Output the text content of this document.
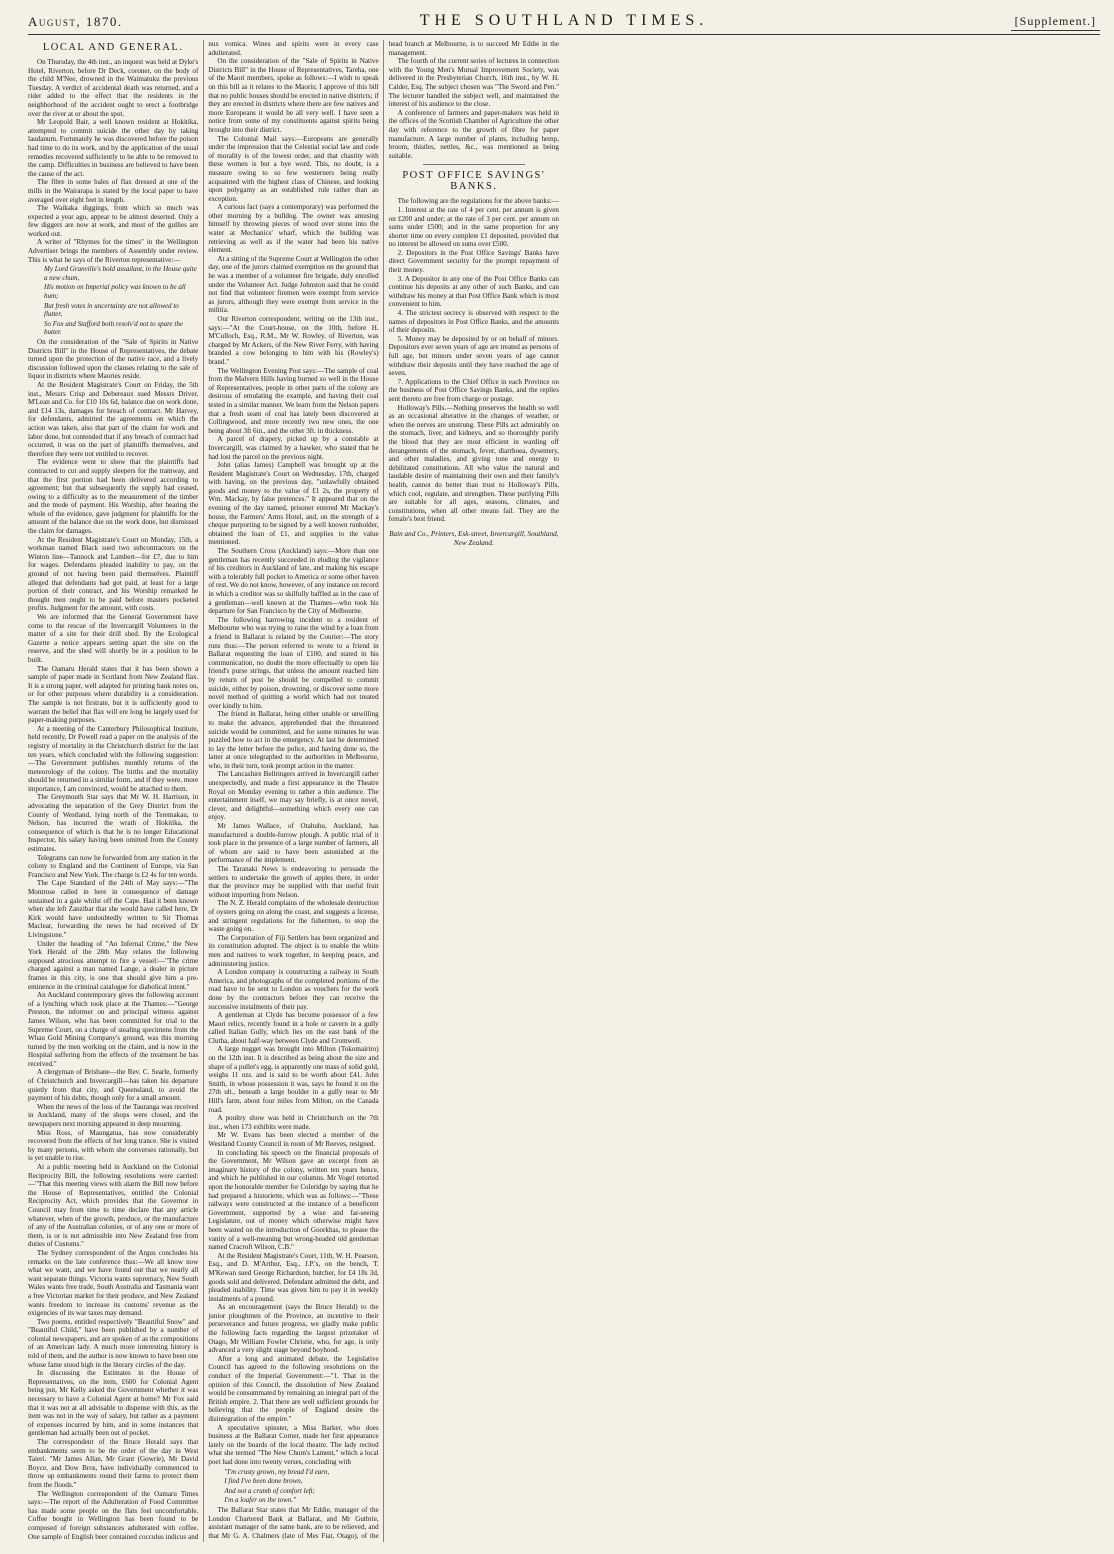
August, 1870.	THE SOUTHLAND TIMES.	[Supplement.]
LOCAL AND GENERAL.

On Thursday, the 4th inst., an inquest was held at Dyke's Hotel, Riverton, before Dr Deck, coroner, on the body of the child M'Nee, drowned in the Waimatuku the previous Tuesday. A verdict of accidental death was returned, and a rider added to the effect that the residents in the neighborhood of the accident ought to erect a footbridge over the river at or about the spot.

Mr Leopold Bair, a well known resident at Hokitika, attempted to commit suicide the other day by taking laudanum. Fortunately he was discovered before the poison had time to do its work, and by the application of the usual remedies recovered sufficiently to be able to be removed to the camp. Difficulties in business are believed to have been the cause of the act.

The fibre in some bales of flax dressed at one of the mills in the Wairarapa is stated by the local paper to have averaged over eight feet in length.

The Waikaka diggings, from which so much was expected a year ago, appear to be almost deserted. Only a few diggers are now at work, and most of the gullies are worked out.

A writer of "Rhymes for the times" in the Wellington Advertiser brings the members of Assembly under review. This is what he says of the Riverton representative:—

My Lord Granville's bold assailant, in the House quite a new chum,
His motion on Imperial policy was known to be all hum;
But fresh votes in uncertainty are not allowed to flutter,
So Fox and Stafford both resolv'd not to spare the butter.

On the consideration of the "Sale of Spirits in Native Districts Bill" in the House of Representatives, the debate turned upon the protection of the native race, and a lively discussion followed upon the clauses relating to the sale of liquor in districts where Maories reside.

At the Resident Magistrate's Court on Friday, the 5th inst., Messrs Crisp and Debereaux sued Messrs Driver, M'Lean and Co. for £10 10s 6d, balance due on work done, and £14 13s, damages for breach of contract. Mr Harvey, for defendants, admitted the agreements on which the action was taken, also that part of the claim for work and labor done, but contended that if any breach of contract had occurred, it was on the part of plaintiffs themselves, and therefore they were not entitled to recover.

The evidence went to show that the plaintiffs had contracted to cut and supply sleepers for the tramway, and that the first portion had been delivered according to agreement; but that subsequently the supply had ceased, owing to a difficulty as to the measurement of the timber and the mode of payment. His Worship, after hearing the whole of the evidence, gave judgment for plaintiffs for the amount of the balance due on the work done, but dismissed the claim for damages.

At the Resident Magistrate's Court on Monday, 15th, a workman named Black sued two subcontractors on the Winton line—Tannock and Lambert—for £7, due to him for wages. Defendants pleaded inability to pay, on the ground of not having been paid themselves. Plaintiff alleged that defendants had got paid, at least for a large portion of their contract, and his Worship remarked he thought men ought to be paid before masters pocketed profits. Judgment for the amount, with costs.

We are informed that the General Government have come to the rescue of the Invercargill Volunteers in the matter of a site for their drill shed. By the Ecological Gazette a notice appears setting apart the site on the reserve, and the shed will shortly be in a position to be built.

The Oamaru Herald states that it has been shown a sample of paper made in Scotland from New Zealand flax. It is a strong paper, well adapted for printing bank notes on, or for other purposes where durability is a consideration. The sample is not firstrate, but it is sufficiently good to warrant the belief that flax will ere long be largely used for paper-making purposes.

At a meeting of the Canterbury Philosophical Institute, held recently, Dr Powell read a paper on the analysis of the registry of mortality in the Christchurch district for the last ten years, which concluded with the following suggestion:—The Government publishes monthly returns of the meteorology of the colony. The births and the mortality should be returned in a similar form, and if they were, more importance, I am convinced, would be attached to them.

The Greymouth Star says that Mr W. H. Harrison, in advocating the separation of the Grey District from the County of Westland, lying north of the Teremakau, to Nelson, has incurred the wrath of Hokitika, the consequence of which is that he is no longer Educational Inspector, his salary having been omitted from the County estimates.

Telegrams can now be forwarded from any station in the colony to England and the Continent of Europe, via San Francisco and New York. The charge is £2 4s for ten words.

The Cape Standard of the 24th of May says:—"The Montrose called in here in consequence of damage sustained in a gale whilst off the Cape. Had it been known when she left Zanzibar that she would have called here, Dr Kirk would have undoubtedly written to Sir Thomas Maclear, forwarding the news he had received of Dr Livingstone."

Under the heading of "An Infernal Crime," the New York Herald of the 28th May relates the following supposed atrocious attempt to fire a vessel:—"The crime charged against a man named Lange, a dealer in picture frames in this city, is one that should give him a pre-eminence in the criminal catalogue for diabolical intent."

An Auckland contemporary gives the following account of a lynching which took place at the Thames:—"George Preston, the informer on and principal witness against James Wilson, who has been committed for trial to the Supreme Court, on a charge of stealing specimens from the Whau Gold Mining Company's ground, was this morning turned by the men working on the claim, and is now in the Hospital suffering from the effects of the treatment he has received."

A clergyman of Brisbane—the Rev. C. Searle, formerly of Christchurch and Invercargill—has taken his departure quietly from that city, and Queensland, to avoid the payment of his debts, though only for a small amount.

When the news of the loss of the Tauranga was received in Auckland, many of the shops were closed, and the newspapers next morning appeared in deep mourning.

Miss Ross, of Maungatua, has now considerably recovered from the effects of her long trance. She is visited by many persons, with whom she converses rationally, but is yet unable to rise.

At a public meeting held in Auckland on the Colonial Reciprocity Bill, the following resolutions were carried:—"That this meeting views with alarm the Bill now before the House of Representatives, entitled the Colonial Reciprocity Act, which provides that the Governor in Council may from time to time declare that any article whatever, when of the growth, produce, or the manufacture of any of the Australian colonies, or of any one or more of them, is or is not admissible into New Zealand free from duties of Customs."

The Sydney correspondent of the Argus concludes his remarks on the late conference thus:—We all know now what we want, and we have found out that we nearly all want separate things. Victoria wants supremacy, New South Wales wants free trade, South Australia and Tasmania want a free Victorian market for their produce, and New Zealand wants freedom to increase its customs' revenue as the exigencies of its war taxes may demand.

Two poems, entitled respectively "Beautiful Snow" and "Beautiful Child," have been published by a number of colonial newspapers, and are spoken of as the compositions of an American lady. A much more interesting history is told of them, and the author is now known to have been one whose fame stood high in the literary circles of the day.

In discussing the Estimates in the House of Representatives, on the item, £600 for Colonial Agent being put, Mr Kelly asked the Government whether it was necessary to have a Colonial Agent at home? Mr Fox said that it was not at all advisable to dispense with this, as the item was not in the way of salary, but rather as a payment of expenses incurred by him, and in some instances that gentleman had actually been out of pocket.

The correspondent of the Bruce Herald says that embankments seem to be the order of the day in West Taieri. "Mr James Allan, Mr Grant (Gowrie), Mr David Boyce, and Dow Bros, have individually commenced to throw up embankments round their farms to protect them from the floods."

The Wellington correspondent of the Oamaru Times says:—The report of the Adulteration of Food Committee has made some people on the flats feel uncomfortable. Coffee bought in Wellington has been found to be composed of foreign substances adulterated with coffee. One sample of English beer contained cocculus indicus and nux vomica. Wines and spirits were in every case adulterated.

On the consideration of the "Sale of Spirits in Native Districts Bill" in the House of Representatives, Tareha, one of the Maori members, spoke as follows:—I wish to speak on this bill as it relates to the Maoris; I approve of this bill that no public houses should be erected in native districts; if they are erected in districts where there are few natives and more Europeans it would be all very well. I have seen a notice from some of my constituents against spirits being brought into their district.

The Colonial Mail says:—Europeans are generally under the impression that the Celestial social law and code of morality is of the lowest order, and that chastity with these women is but a bye word. This, no doubt, is a measure owing to so few westerners being really acquainted with the highest class of Chinese, and looking upon polygamy as an established rule rather than an exception.

A curious fact (says a contemporary) was performed the other morning by a bulldog. The owner was amusing himself by throwing pieces of wood over stone into the water at Mechanics' wharf, which the bulldog was retrieving as well as if the water had been his native element.

At a sitting of the Supreme Court at Wellington the other day, one of the jurors claimed exemption on the ground that he was a member of a volunteer fire brigade, duly enrolled under the Volunteer Act. Judge Johnston said that he could not find that volunteer firemen were exempt from service as jurors, although they were exempt from service in the militia.

Our Riverton correspondent, writing on the 13th inst., says:—"At the Court-house, on the 10th, before H. M'Culloch, Esq., R.M., Mr W. Rowley, of Riverton, was charged by Mr Ackers, of the New River Ferry, with having branded a cow belonging to him with his (Rowley's) brand."

The Wellington Evening Post says:—The sample of coal from the Malvern Hills having burned so well in the House of Representatives, people in other parts of the colony are desirous of emulating the example, and having their coal tested in a similar manner. We learn from the Nelson papers that a fresh seam of coal has lately been discovered at Collingwood, and more recently two new ones, the one being about 3ft 6in., and the other 3ft. in thickness.

A parcel of drapery, picked up by a constable at Invercargill, was claimed by a hawker, who stated that he had lost the parcel on the previous night.

John (alias James) Campbell was brought up at the Resident Magistrate's Court on Wednesday, 17th, charged with having, on the previous day, "unlawfully obtained goods and money to the value of £1 2s, the property of Wm. Mackay, by false pretences." It appeared that on the evening of the day named, prisoner entered Mr Mackay's house, the Farmers' Arms Hotel, and, on the strength of a cheque purporting to be signed by a well known runholder, obtained the loan of £1, and supplies to the value mentioned.

The Southern Cross (Auckland) says:—More than one gentleman has recently succeeded in eluding the vigilance of his creditors in Auckland of late, and making his escape with a tolerably full pocket to America or some other haven of rest. We do not know, however, of any instance on record in which a creditor was so skilfully baffled as in the case of a gentleman—well known at the Thames—who took his departure for San Francisco by the City of Melbourne.

The following harrowing incident to a resident of Melbourne who was trying to raise the wind by a loan from a friend in Ballarat is related by the Courier:—The story runs thus:—The person referred to wrote to a friend in Ballarat requesting the loan of £100, and stated in his communication, no doubt the more effectually to open his friend's purse strings, that unless the amount reached him by return of post he should be compelled to commit suicide, either by poison, drowning, or discover some more novel method of quitting a world which had not treated over kindly to him.

The friend in Ballarat, being either unable or unwilling to make the advance, apprehended that the threatened suicide would be committed, and for some minutes he was puzzled how to act in the emergency. At last he determined to lay the letter before the police, and having done so, the latter at once telegraphed to the authorities in Melbourne, who, in their turn, took prompt action in the matter.

The Lancashire Bellringers arrived in Invercargill rather unexpectedly, and made a first appearance in the Theatre Royal on Monday evening to rather a thin audience. The entertainment itself, we may say briefly, is at once novel, clever, and delightful—something which every one can enjoy.

Mr James Wallace, of Otahuhu, Auckland, has manufactured a double-furrow plough. A public trial of it took place in the presence of a large number of farmers, all of whom are said to have been astonished at the performance of the implement.

The Taranaki News is endeavoring to persuade the settlers to undertake the growth of apples there, in order that the province may be supplied with that useful fruit without importing from Nelson.

The N. Z. Herald complains of the wholesale destruction of oysters going on along the coast, and suggests a license, and stringent regulations for the fishermen, to stop the waste going on.

The Corporation of Fiji Settlers has been organized and its constitution adopted. The object is to enable the white men and natives to work together, in keeping peace, and administering justice.

A London company is constructing a railway in South America, and photographs of the completed portions of the road have to be sent to London as vouchers for the work done by the contractors before they can receive the successive instalments of their pay.

A gentleman at Clyde has become possessor of a few Maori relics, recently found in a hole or cavern in a gully called Italian Gully, which lies on the east bank of the Clutha, about half-way between Clyde and Cromwell.

A large nugget was brought into Milton (Tokomairiro) on the 12th inst. It is described as being about the size and shape of a pullet's egg, is apparently one mass of solid gold, weighs 11 ozs. and is said to be worth about £41. John Smith, in whose possession it was, says he found it on the 27th ult., beneath a large boulder in a gully near to Mr Hill's farm, about four miles from Milton, on the Canada road.

A poultry show was held in Christchurch on the 7th inst., when 173 exhibits were made.

Mr W. Evans has been elected a member of the Westland County Council in room of Mr Reeves, resigned.

In concluding his speech on the financial proposals of the Government, Mr Wilson gave an excerpt from an imaginary history of the colony, written ten years hence, and which he published in our columns. Mr Vogel retorted upon the honorable member for Coleridge by saying that he had prepared a historiette, which was as follows:—"These railways were constructed at the instance of a beneficent Government, supported by a wise and far-seeing Legislature, out of money which otherwise might have been wasted on the introduction of Goorkhas, to please the vanity of a well-meaning but wrong-headed old gentleman named Cracroft Wilson, C.B."

At the Resident Magistrate's Court, 11th, W. H. Pearson, Esq., and D. M'Arthur, Esq., J.P.'s, on the bench, T. M'Kewan sued George Richardson, butcher, for £4 18s 3d, goods sold and delivered. Defendant admitted the debt, and pleaded inability. Time was given him to pay it in weekly instalments of a pound.

As an encouragement (says the Bruce Herald) to the junior ploughmen of the Province, an incentive to their perseverance and future progress, we gladly make public the following facts regarding the largest prizetaker of Otago, Mr William Fowler Christie, who, for age, is only advanced a very slight stage beyond boyhood.

After a long and animated debate, the Legislative Council has agreed to the following resolutions on the conduct of the Imperial Government:—"1. That in the opinion of this Council, the dissolution of New Zealand would be consummated by remaining an integral part of the British empire. 2. That there are well sufficient grounds for believing that the people of England desire the disintegration of the empire."

A speculative spinster, a Miss Barker, who does business at the Ballarat Corner, made her first appearance lately on the boards of the local theatre. The lady recited what she termed "The New Chum's Lament," which a local poet had done into twenty verses, concluding with

"I'm crusty grown, my bread I'd earn,
I find I've been done brown,
And not a crumb of comfort left;
I'm a loafer on the town."

The Ballarat Star states that Mr Eddie, manager of the London Chartered Bank at Ballarat, and Mr Gutbrie, assistant manager of the same bank, are to be relieved, and that Mr G. A. Chalmers (late of Mes Fiat, Otago), of the head branch at Melbourne, is to succeed Mr Eddie in the management.

The fourth of the current series of lectures in connection with the Young Men's Mutual Improvement Society, was delivered in the Presbyterian Church, 16th inst., by W. H. Calder, Esq. The subject chosen was "The Sword and Pen." The lecturer handled the subject well, and maintained the interest of his audience to the close.

A conference of farmers and paper-makers was held in the offices of the Scottish Chamber of Agriculture the other day with reference to the growth of fibre for paper manufacture. A large number of plants, including hemp, broom, thistles, nettles, &c., was mentioned as being suitable.

POST OFFICE SAVINGS' BANKS.

The following are the regulations for the above banks:—

1. Interest at the rate of 4 per cent. per annum is given on £200 and under; at the rate of 3 per cent. per annum on sums under £500; and in the same proportion for any shorter time on every complete £1 deposited, provided that no interest be allowed on sums over £500.

2. Depositors in the Post Office Savings' Banks have direct Government security for the prompt repayment of their money.

3. A Depositor in any one of the Post Office Banks can continue his deposits at any other of such Banks, and can withdraw his money at that Post Office Bank which is most convenient to him.

4. The strictest secrecy is observed with respect to the names of depositors in Post Office Banks, and the amounts of their deposits.

5. Money may be deposited by or on behalf of minors. Depositors ever seven years of age are treated as persons of full age, but minors under seven years of age cannot withdraw their deposits until they have reached the age of seven.

7. Applications to the Chief Office in each Province on the business of Post Office Savings Banks, and the replies sent thereto are free from charge or postage.

Holloway's Pills.—Nothing preserves the health so well as an occasional alterative in the changes of weather, or when the nerves are unstrung. These Pills act admirably on the stomach, liver, and kidneys, and so thoroughly purify the blood that they are most efficient in warding off derangements of the stomach, fever, diarrhoea, dysentery, and other maladies, and giving tone and energy to debilitated constitutions. All who value the natural and laudable desire of maintaining their own and their family's health, cannot do better than trust to Holloway's Pills, which cool, regulate, and strengthen. These purifying Pills are suitable for all ages, seasons, climates, and constitutions, when all other means fail. They are the female's best friend.

Bain and Co., Printers, Esk-street, Invercargill, Southland, New Zealand.
